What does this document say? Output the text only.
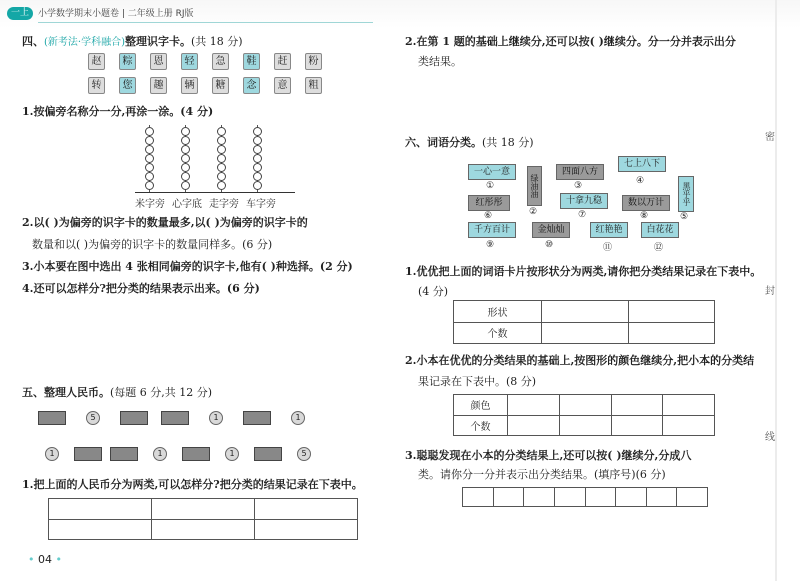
一上	小学数学期末小题卷 | 二年级上册 RJ版
四、(新考法·学科融合)整理识字卡。(共 18 分)
1.按偏旁名称分一分,再涂一涂。(4 分)
2.以( )为偏旁的识字卡的数量最多,以( )为偏旁的识字卡的
数量和以( )为偏旁的识字卡的数量同样多。(6 分)
3.小本要在图中选出 4 张相同偏旁的识字卡,他有( )种选择。(2 分)
4.还可以怎样分?把分类的结果表示出来。(6 分)
五、整理人民币。(每题 6 分,共 12 分)
1.把上面的人民币分为两类,可以怎样分?把分类的结果记录在下表中。

• 04 •
2.在第 1 题的基础上继续分,还可以按( )继续分。分一分并表示出分
类结果。
六、词语分类。(共 18 分)
1.优优把上面的词语卡片按形状分为两类,请你把分类结果记录在下表中。
(4 分)
形状		
个数		
2.小本在优优的分类结果的基础上,按图形的颜色继续分,把小本的分类结
果记录在下表中。(8 分)
颜色				
个数				
3.聪聪发现在小本的分类结果上,还可以按( )继续分,分成八
类。请你分一分并表示出分类结果。(填序号)(6 分)

密
封
线
赵	粽	恩	轻	急	鞋	赶	粉
转	您	趣	辆	糖	念	意	粗
米字旁 心字底 走字旁 车字旁
5	1	1
1	1	1	5
一心一意
①	绿油油
②
四面八方
③
七上八下
④
黑乎乎
⑤
红彤彤
⑥
十拿九稳
⑦
数以万计
⑧
千方百计
⑨
金灿灿
⑩
红艳艳
⑪
白花花
⑫
